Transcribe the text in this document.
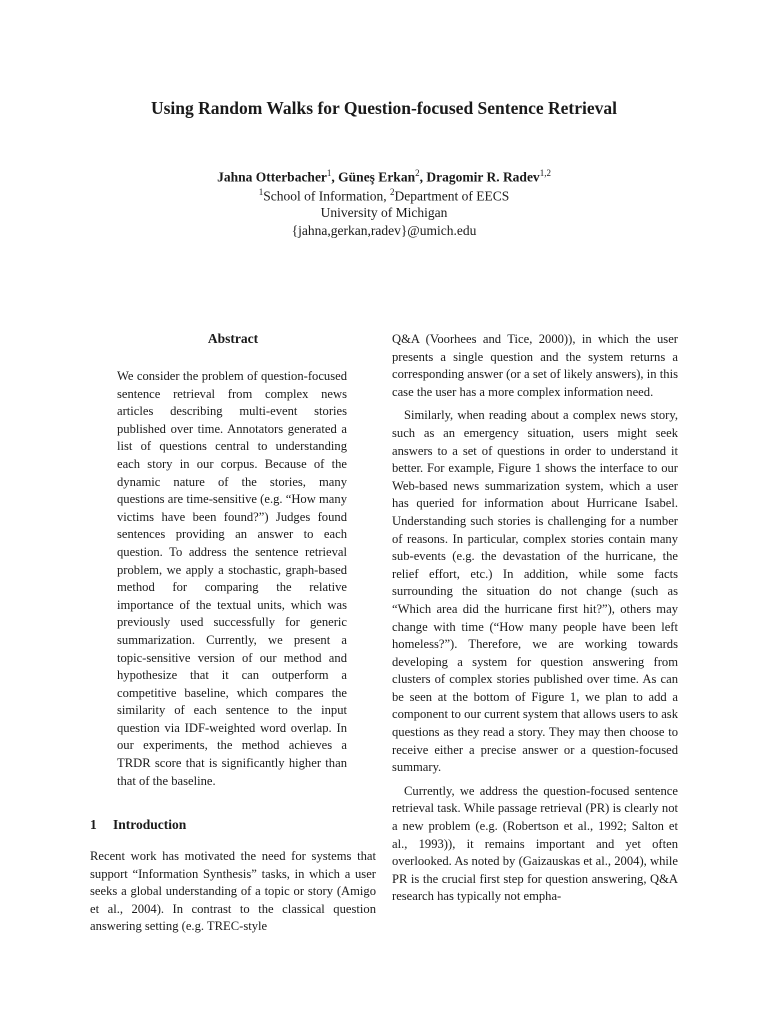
Using Random Walks for Question-focused Sentence Retrieval
Jahna Otterbacher$^1$, Güneş Erkan$^2$, Dragomir R. Radev$^{1,2}$
$^1$School of Information, $^2$Department of EECS
University of Michigan
{jahna,gerkan,radev}@umich.edu
Abstract

We consider the problem of question-focused sentence retrieval from complex news articles describing multi-event stories published over time. Annotators generated a list of questions central to understanding each story in our corpus. Because of the dynamic nature of the stories, many questions are time-sensitive (e.g. “How many victims have been found?”) Judges found sentences providing an answer to each question. To address the sentence retrieval problem, we apply a stochastic, graph-based method for comparing the relative importance of the textual units, which was previously used successfully for generic summarization. Currently, we present a topic-sensitive version of our method and hypothesize that it can outperform a competitive baseline, which compares the similarity of each sentence to the input question via IDF-weighted word overlap. In our experiments, the method achieves a TRDR score that is significantly higher than that of the baseline.

1 Introduction

Recent work has motivated the need for systems that support “Information Synthesis” tasks, in which a user seeks a global understanding of a topic or story (Amigo et al., 2004). In contrast to the classical question answering setting (e.g. TREC-style

Q&A (Voorhees and Tice, 2000)), in which the user presents a single question and the system returns a corresponding answer (or a set of likely answers), in this case the user has a more complex information need.

Similarly, when reading about a complex news story, such as an emergency situation, users might seek answers to a set of questions in order to understand it better. For example, Figure 1 shows the interface to our Web-based news summarization system, which a user has queried for information about Hurricane Isabel. Understanding such stories is challenging for a number of reasons. In particular, complex stories contain many sub-events (e.g. the devastation of the hurricane, the relief effort, etc.) In addition, while some facts surrounding the situation do not change (such as “Which area did the hurricane first hit?”), others may change with time (“How many people have been left homeless?”). Therefore, we are working towards developing a system for question answering from clusters of complex stories published over time. As can be seen at the bottom of Figure 1, we plan to add a component to our current system that allows users to ask questions as they read a story. They may then choose to receive either a precise answer or a question-focused summary.

Currently, we address the question-focused sentence retrieval task. While passage retrieval (PR) is clearly not a new problem (e.g. (Robertson et al., 1992; Salton et al., 1993)), it remains important and yet often overlooked. As noted by (Gaizauskas et al., 2004), while PR is the crucial first step for question answering, Q&A research has typically not empha-
